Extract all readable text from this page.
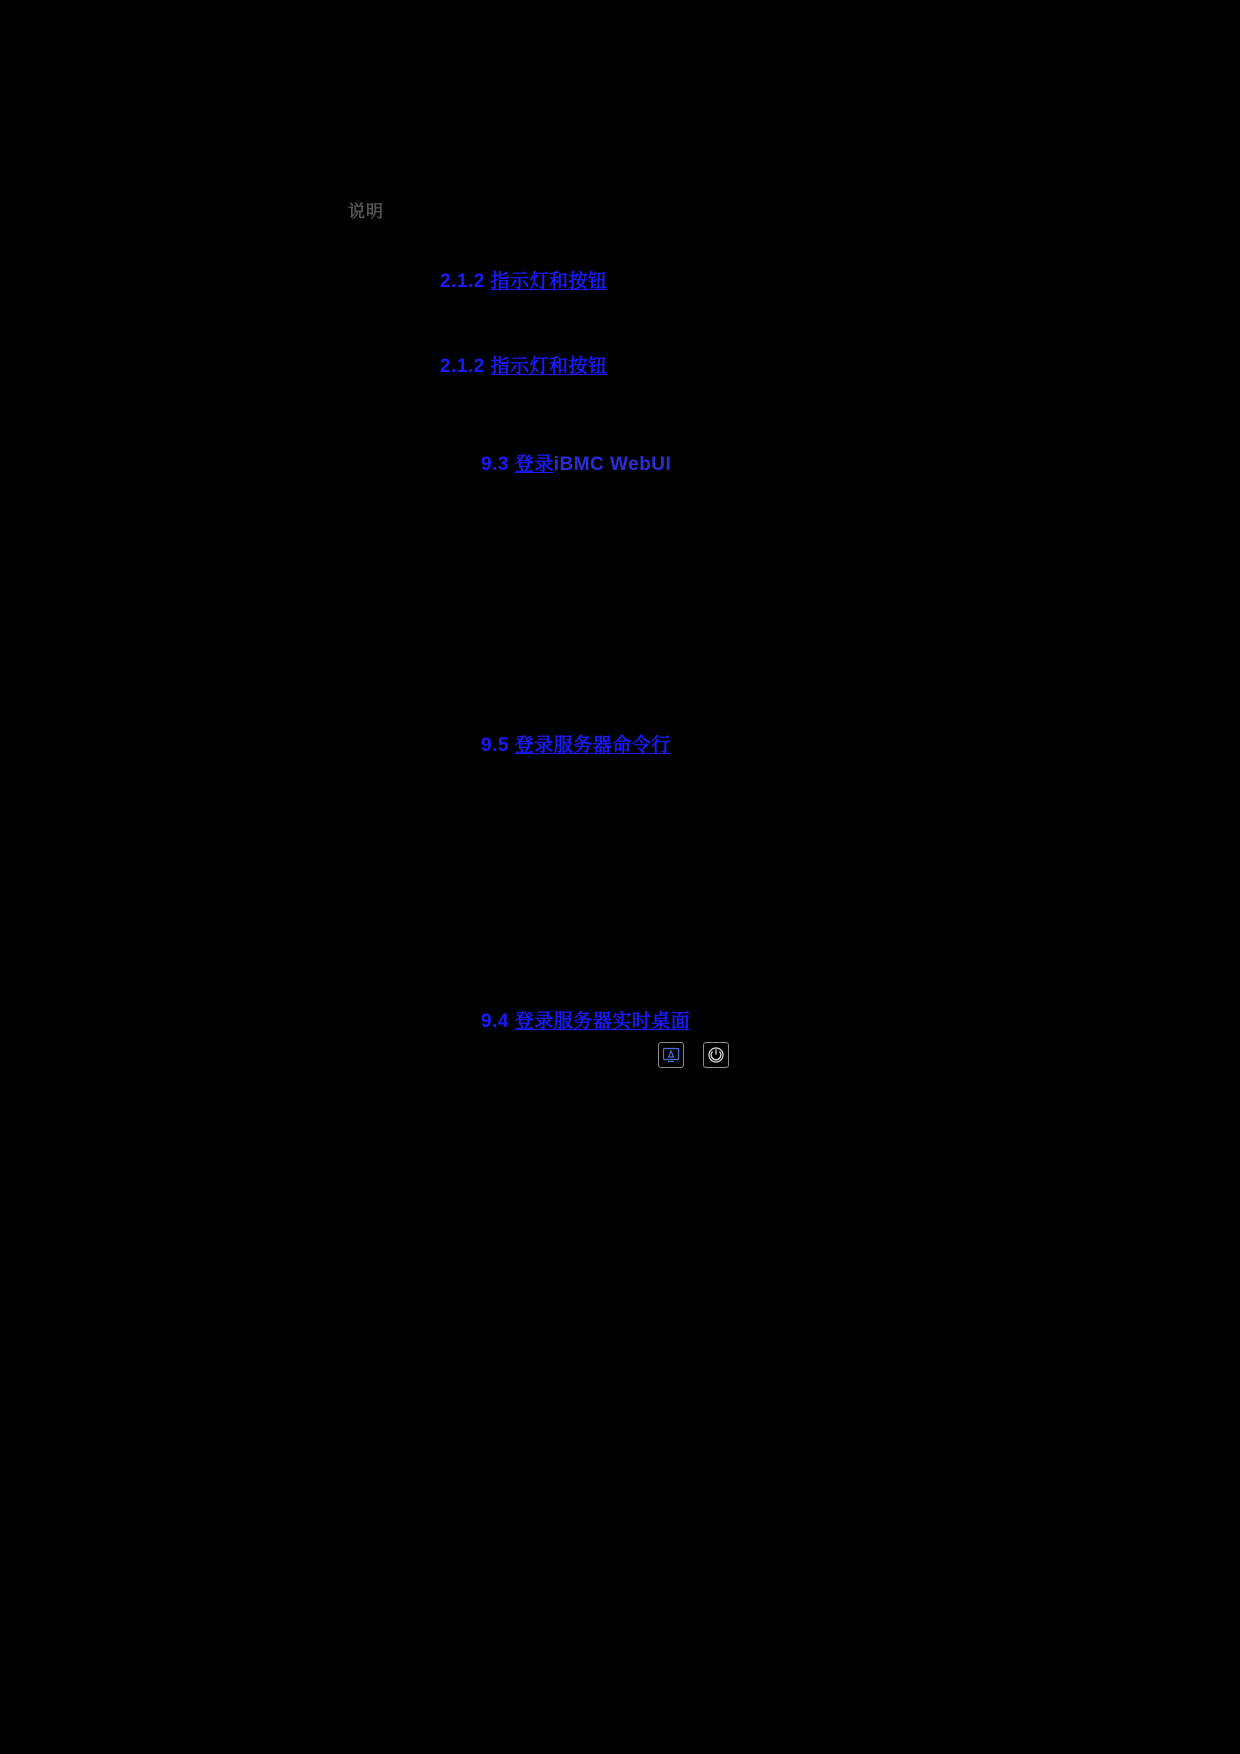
说明
2.1.2 指示灯和按钮
2.1.2 指示灯和按钮
9.3 登录iBMC WebUI
9.5 登录服务器命令行
9.4 登录服务器实时桌面
